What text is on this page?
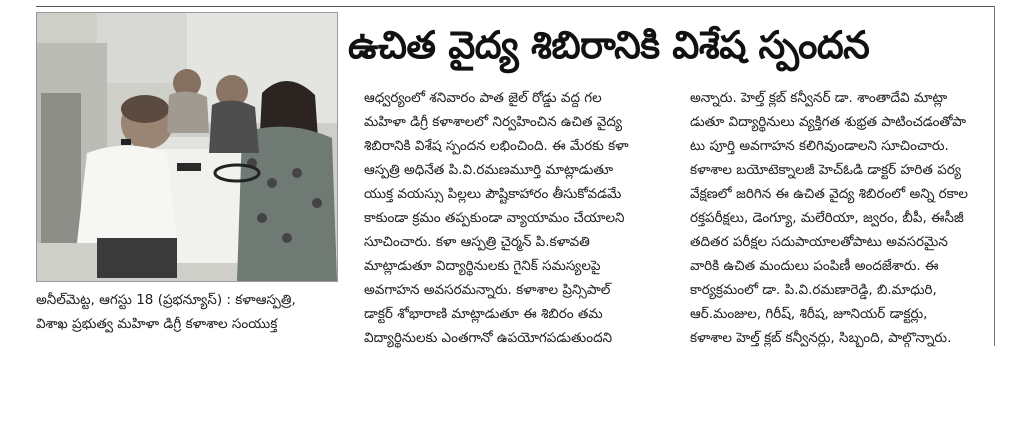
ఉచిత వైద్య శిబిరానికి విశేష స్పందన
అనీల్‌మెట్ట, ఆగస్టు 18 (ప్రభన్యూస్) : కళాఆస్పత్రి,
విశాఖ ప్రభుత్వ మహిళా డిగ్రీ కళాశాల సంయుక్త
ఆధ్వర్యంలో శనివారం పాత జైల్ రోడ్డు వద్ద గల
మహిళా డిగ్రీ కళాశాలలో నిర్వహించిన ఉచిత వైద్య
శిబిరానికి విశేష స్పందన లభించింది. ఈ మేరకు కళా
ఆస్పత్రి అధినేత పి.వి.రమణమూర్తి మాట్లాడుతూ
యుక్త వయస్సు పిల్లలు పౌష్టికాహారం తీసుకోవడమే
కాకుండా క్రమం తప్పకుండా వ్యాయామం చేయాలని
సూచించారు. కళా ఆస్పత్రి చైర్మన్ పి.కళావతి
మాట్లాడుతూ విద్యార్థినులకు గైనిక్ సమస్యలపై
అవగాహన అవసరమన్నారు. కళాశాల ప్రిన్సిపాల్
డాక్టర్ శోభారాణి మాట్లాడుతూ ఈ శిబిరం తమ
విద్యార్థినులకు ఎంతగానో ఉపయోగపడుతుందని
అన్నారు. హెల్త్ క్లబ్ కన్వీనర్ డా. శాంతాదేవి మాట్లా
డుతూ విద్యార్థినులు వ్యక్తిగత శుభ్రత పాటించడంతోపా
టు పూర్తి అవగాహన కలిగివుండాలని సూచించారు.
కళాశాల బయోటెక్నాలజీ హెచ్ఓడి డాక్టర్ హరిత పర్య
వేక్షణలో జరిగిన ఈ ఉచిత వైద్య శిబిరంలో అన్ని రకాల
రక్తపరీక్షలు, డెంగ్యూ, మలేరియా, జ్వరం, బీపీ, ఈసీజీ
తదితర పరీక్షల సదుపాయాలతోపాటు అవసరమైన
వారికి ఉచిత మందులు పంపిణీ అందజేశారు. ఈ
కార్యక్రమంలో డా. పి.వి.రమణారెడ్డి, బి.మాధురి,
ఆర్.మంజుల, గిరీష్, శిరీష, జూనియర్ డాక్టర్లు,
కళాశాల హెల్త్ క్లబ్ కన్వీనర్లు, సిబ్బంది, పాల్గొన్నారు.
